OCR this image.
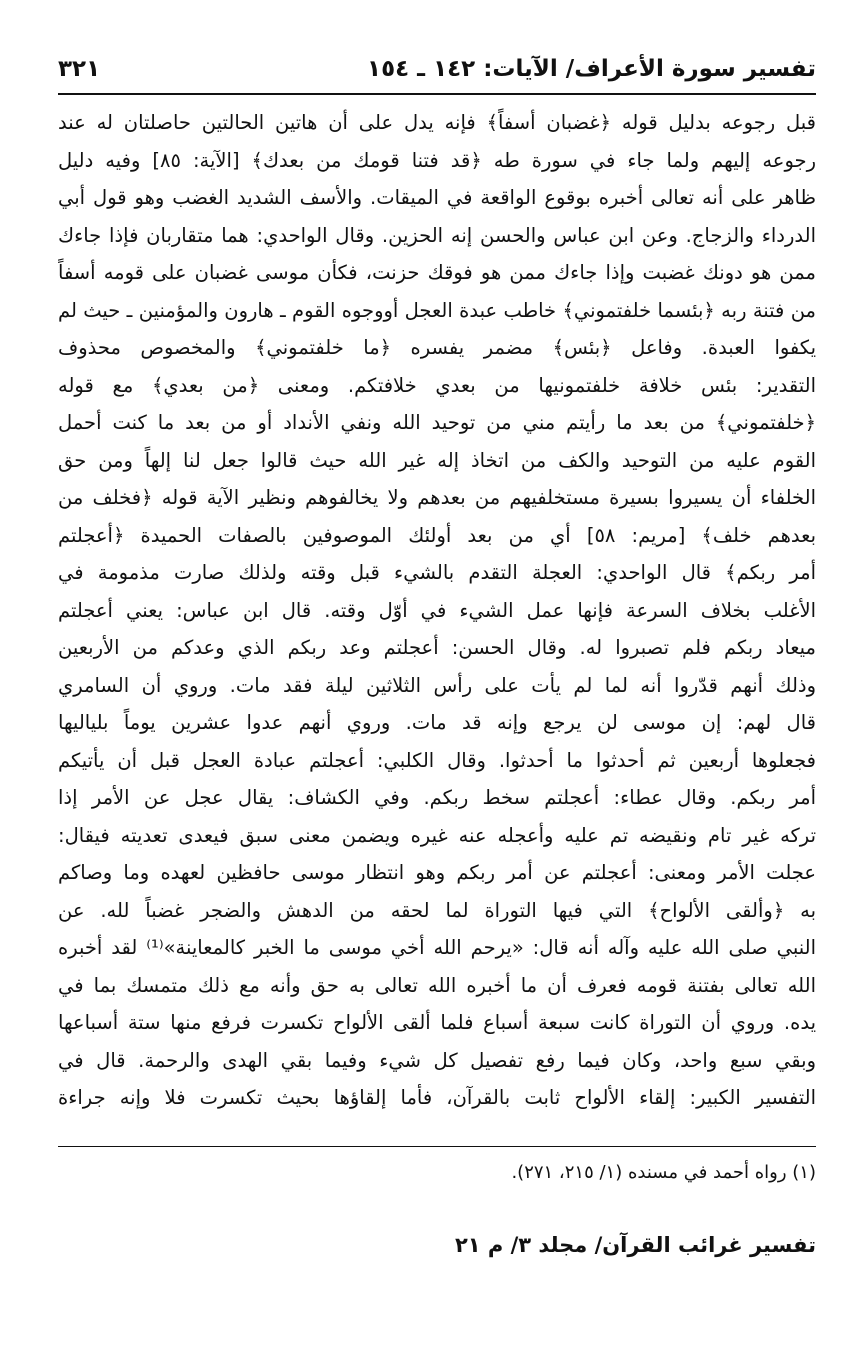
تفسير سورة الأعراف/ الآيات: ١٤٢ ـ ١٥٤
٣٢١
قبل رجوعه بدليل قوله ﴿غضبان أسفاً﴾ فإنه يدل على أن هاتين الحالتين حاصلتان له عند
رجوعه إليهم ولما جاء في سورة طه ﴿قد فتنا قومك من بعدك﴾ [الآية: ٨٥] وفيه دليل
ظاهر على أنه تعالى أخبره بوقوع الواقعة في الميقات. والأسف الشديد الغضب وهو قول أبي
الدرداء والزجاج. وعن ابن عباس والحسن إنه الحزين. وقال الواحدي: هما متقاربان فإذا جاءك
ممن هو دونك غضبت وإذا جاءك ممن هو فوقك حزنت، فكأن موسى غضبان على قومه أسفاً
من فتنة ربه ﴿بئسما خلفتموني﴾ خاطب عبدة العجل أووجوه القوم ـ هارون والمؤمنين ـ حيث لم
يكفوا العبدة. وفاعل ﴿بئس﴾ مضمر يفسره ﴿ما خلفتموني﴾ والمخصوص محذوف
التقدير: بئس خلافة خلفتمونيها من بعدي خلافتكم. ومعنى ﴿من بعدي﴾ مع قوله
﴿خلفتموني﴾ من بعد ما رأيتم مني من توحيد الله ونفي الأنداد أو من بعد ما كنت أحمل
القوم عليه من التوحيد والكف من اتخاذ إله غير الله حيث قالوا جعل لنا إلهاً ومن حق
الخلفاء أن يسيروا بسيرة مستخلفيهم من بعدهم ولا يخالفوهم ونظير الآية قوله ﴿فخلف من
بعدهم خلف﴾ [مريم: ٥٨] أي من بعد أولئك الموصوفين بالصفات الحميدة ﴿أعجلتم
أمر ربكم﴾ قال الواحدي: العجلة التقدم بالشيء قبل وقته ولذلك صارت مذمومة في
الأغلب بخلاف السرعة فإنها عمل الشيء في أوّل وقته. قال ابن عباس: يعني أعجلتم
ميعاد ربكم فلم تصبروا له. وقال الحسن: أعجلتم وعد ربكم الذي وعدكم من الأربعين
وذلك أنهم قدّروا أنه لما لم يأت على رأس الثلاثين ليلة فقد مات. وروي أن السامري
قال لهم: إن موسى لن يرجع وإنه قد مات. وروي أنهم عدوا عشرين يوماً بلياليها
فجعلوها أربعين ثم أحدثوا ما أحدثوا. وقال الكلبي: أعجلتم عبادة العجل قبل أن يأتيكم
أمر ربكم. وقال عطاء: أعجلتم سخط ربكم. وفي الكشاف: يقال عجل عن الأمر إذا
تركه غير تام ونقيضه تم عليه وأعجله عنه غيره ويضمن معنى سبق فيعدى تعديته فيقال:
عجلت الأمر ومعنى: أعجلتم عن أمر ربكم وهو انتظار موسى حافظين لعهده وما وصاكم
به ﴿وألقى الألواح﴾ التي فيها التوراة لما لحقه من الدهش والضجر غضباً لله. عن
النبي صلى الله عليه وآله أنه قال: «يرحم الله أخي موسى ما الخبر كالمعاينة»⁽¹⁾ لقد أخبره
الله تعالى بفتنة قومه فعرف أن ما أخبره الله تعالى به حق وأنه مع ذلك متمسك بما في
يده. وروي أن التوراة كانت سبعة أسباع فلما ألقى الألواح تكسرت فرفع منها ستة أسباعها
وبقي سبع واحد، وكان فيما رفع تفصيل كل شيء وفيما بقي الهدى والرحمة. قال في
التفسير الكبير: إلقاء الألواح ثابت بالقرآن، فأما إلقاؤها بحيث تكسرت فلا وإنه جراءة
(١) رواه أحمد في مسنده (١/ ٢١٥، ٢٧١).
تفسير غرائب القرآن/ مجلد ٣/ م ٢١
